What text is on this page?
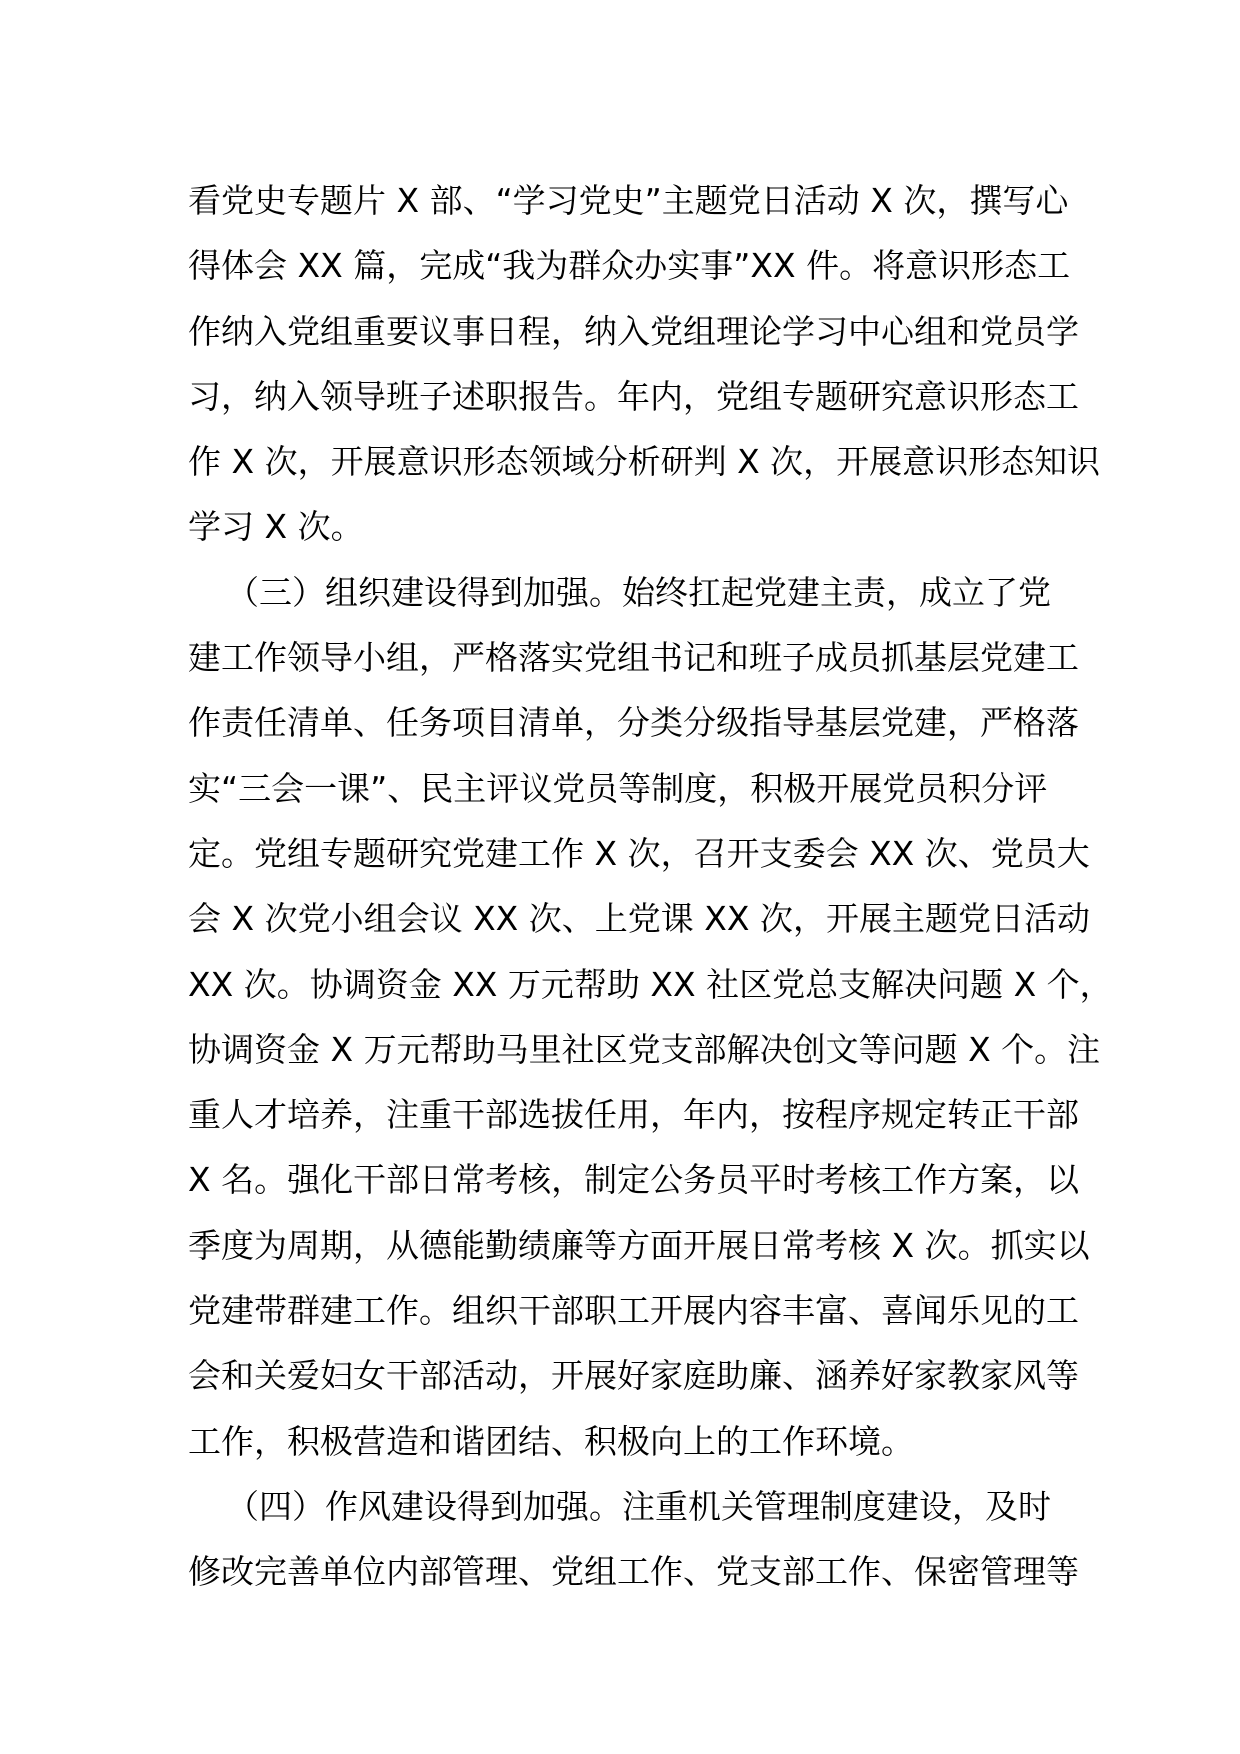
看党史专题片 X 部、“学习党史”主题党日活动 X 次，撰写心
得体会 XX 篇，完成“我为群众办实事”XX 件。将意识形态工
作纳入党组重要议事日程，纳入党组理论学习中心组和党员学
习，纳入领导班子述职报告。年内，党组专题研究意识形态工
作 X 次，开展意识形态领域分析研判 X 次，开展意识形态知识
学习 X 次。
（三）组织建设得到加强。始终扛起党建主责，成立了党
建工作领导小组，严格落实党组书记和班子成员抓基层党建工
作责任清单、任务项目清单，分类分级指导基层党建，严格落
实“三会一课”、民主评议党员等制度，积极开展党员积分评
定。党组专题研究党建工作 X 次，召开支委会 XX 次、党员大
会 X 次党小组会议 XX 次、上党课 XX 次，开展主题党日活动
XX 次。协调资金 XX 万元帮助 XX 社区党总支解决问题 X 个，
协调资金 X 万元帮助马里社区党支部解决创文等问题 X 个。注
重人才培养，注重干部选拔任用，年内，按程序规定转正干部
X 名。强化干部日常考核，制定公务员平时考核工作方案，以
季度为周期，从德能勤绩廉等方面开展日常考核 X 次。抓实以
党建带群建工作。组织干部职工开展内容丰富、喜闻乐见的工
会和关爱妇女干部活动，开展好家庭助廉、涵养好家教家风等
工作，积极营造和谐团结、积极向上的工作环境。
（四）作风建设得到加强。注重机关管理制度建设，及时
修改完善单位内部管理、党组工作、党支部工作、保密管理等
